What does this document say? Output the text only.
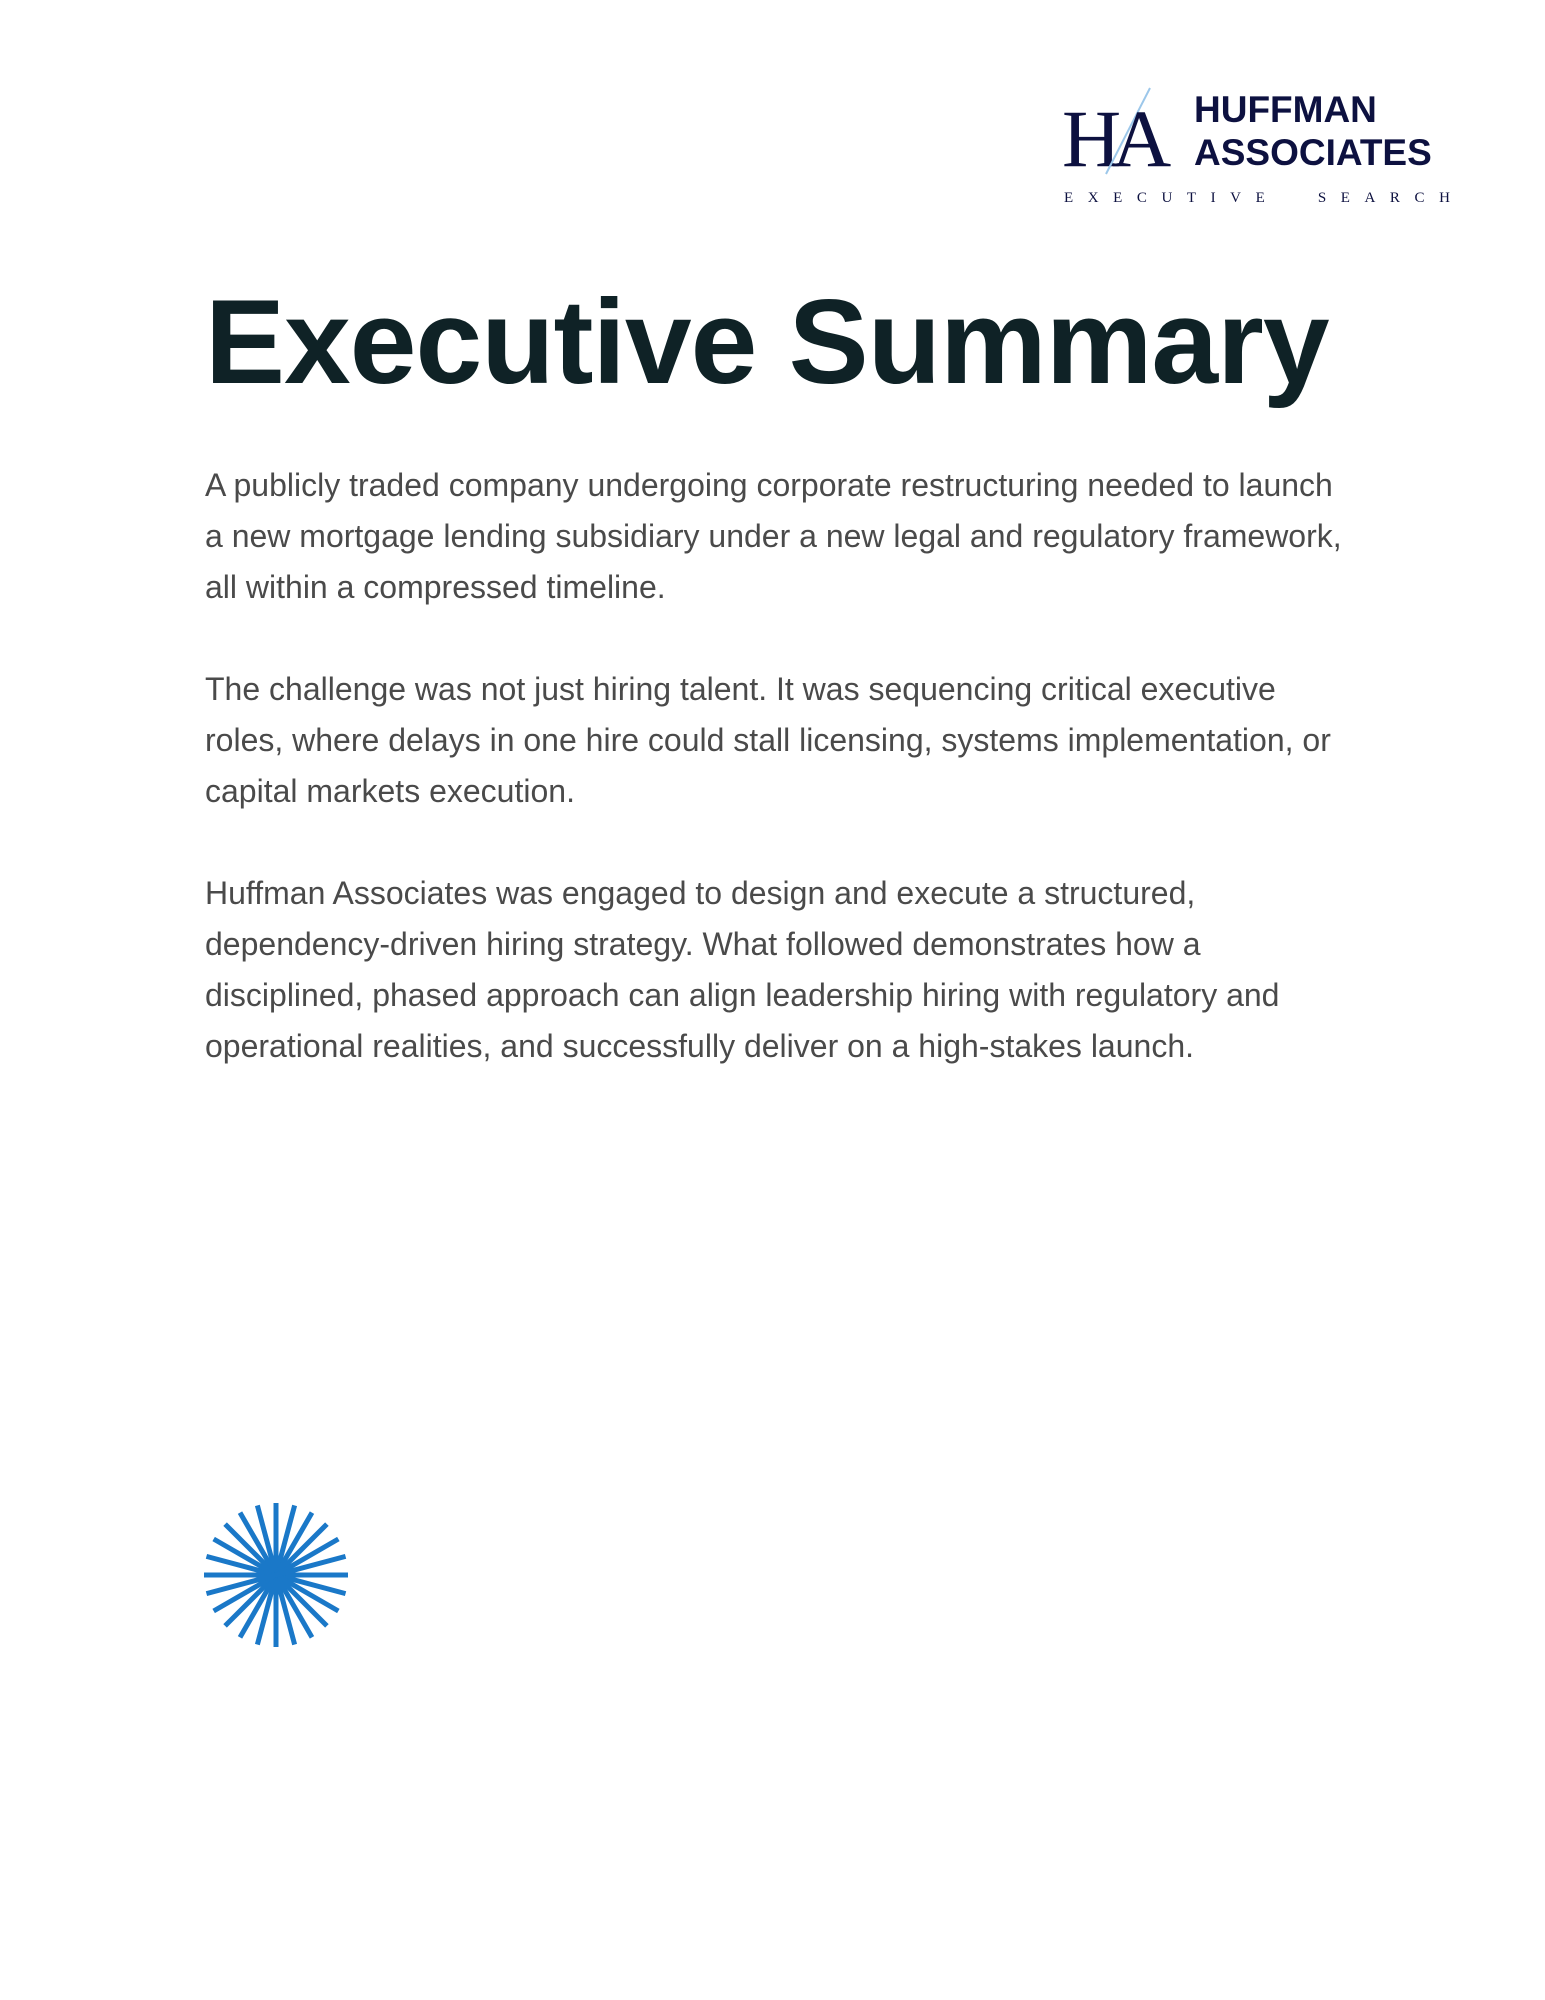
H
A HUFFMAN
ASSOCIATES
E X E C U T I V E	S E A R C H
Executive Summary

A publicly traded company undergoing corporate restructuring needed to launch a new mortgage lending subsidiary under a new legal and regulatory framework, all within a compressed timeline.

The challenge was not just hiring talent. It was sequencing critical executive roles, where delays in one hire could stall licensing, systems implementation, or capital markets execution.

Huffman Associates was engaged to design and execute a structured, dependency-driven hiring strategy. What followed demonstrates how a disciplined, phased approach can align leadership hiring with regulatory and operational realities, and successfully deliver on a high-stakes launch.
